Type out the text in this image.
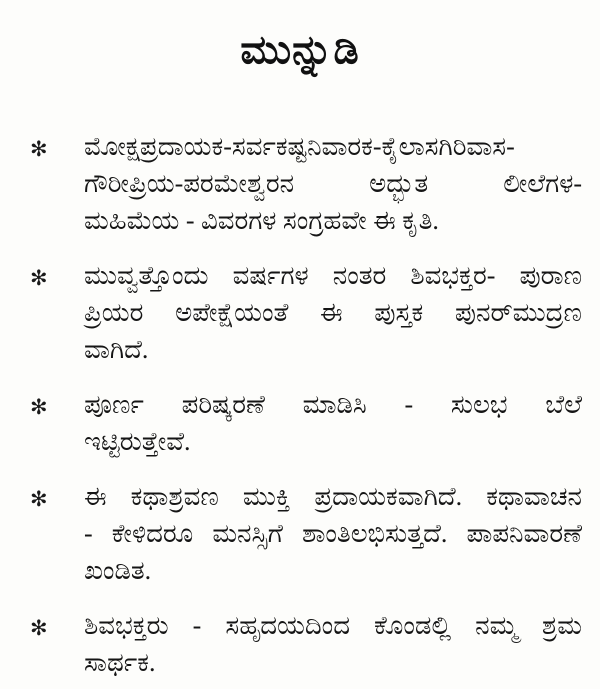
ಮುನ್ನುಡಿ
✻	ಮೋಕ್ಷಪ್ರದಾಯಕ-ಸರ್ವಕಷ್ಟನಿವಾರಕ-ಕೈಲಾಸಗಿರಿವಾಸ-
ಗೌರೀಪ್ರಿಯ-ಪರಮೇಶ್ವರನ ಅದ್ಭುತ ಲೀಲೆಗಳ-
ಮಹಿಮೆಯ - ವಿವರಗಳ ಸಂಗ್ರಹವೇ ಈ ಕೃತಿ.
✻	ಮುವ್ವತ್ತೊಂದು ವರ್ಷಗಳ ನಂತರ ಶಿವಭಕ್ತರ- ಪುರಾಣ
ಪ್ರಿಯರ ಅಪೇಕ್ಷೆಯಂತೆ ಈ ಪುಸ್ತಕ ಪುನರ್‌ಮುದ್ರಣ
ವಾಗಿದೆ.
✻	ಪೂರ್ಣ ಪರಿಷ್ಕರಣೆ ಮಾಡಿಸಿ - ಸುಲಭ ಬೆಲೆ
ಇಟ್ಟಿರುತ್ತೇವೆ.
✻	ಈ ಕಥಾಶ್ರವಣ ಮುಕ್ತಿ ಪ್ರದಾಯಕವಾಗಿದೆ. ಕಥಾವಾಚನ
- ಕೇಳಿದರೂ ಮನಸ್ಸಿಗೆ ಶಾಂತಿಲಭಿಸುತ್ತದೆ. ಪಾಪನಿವಾರಣೆ
ಖಂಡಿತ.
✻	ಶಿವಭಕ್ತರು - ಸಹೃದಯದಿಂದ ಕೊಂಡಲ್ಲಿ ನಮ್ಮ ಶ್ರಮ
ಸಾರ್ಥಕ.
